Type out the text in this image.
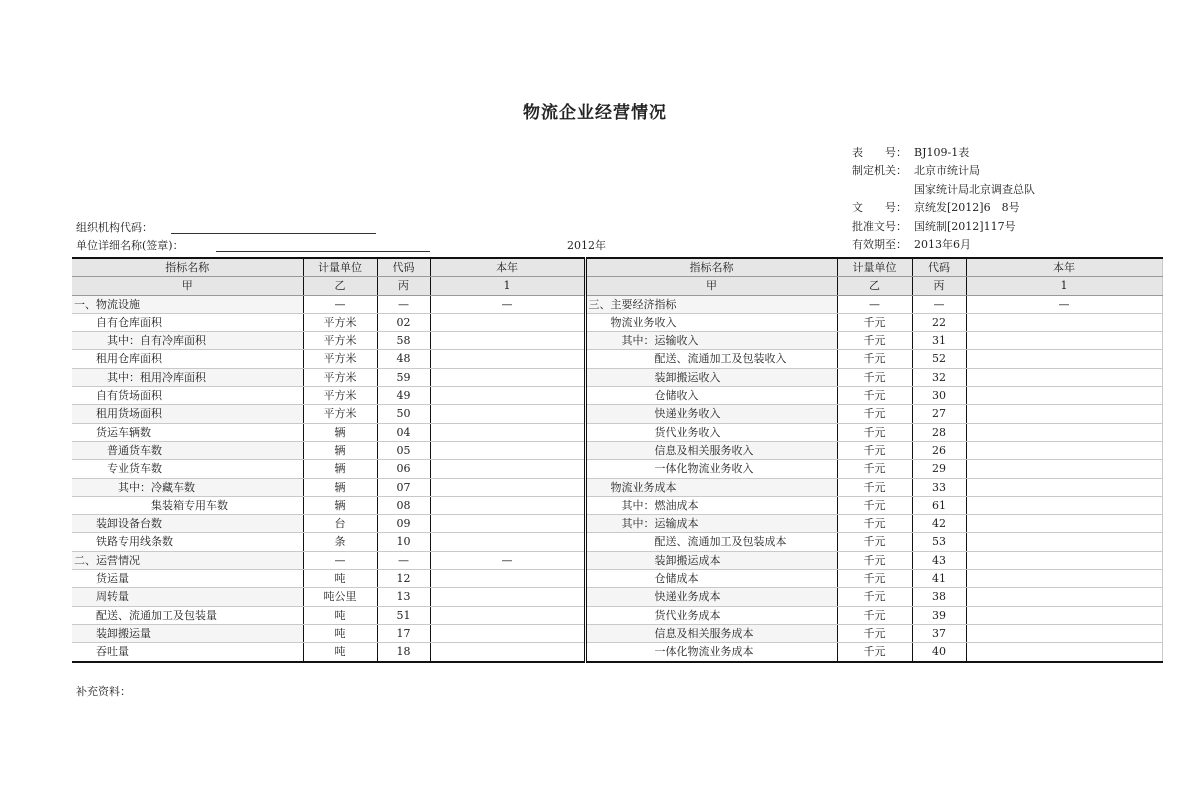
物流企业经营情况
表　　号： BJ109-1表
制定机关： 北京市统计局
国家统计局北京调查总队
文　　号： 京统发[2012]6　8号
批准文号： 国统制[2012]117号
有效期至： 2013年6月
组织机构代码：
单位详细名称(签章)：	2012年
指标名称	计量单位	代码	本年	指标名称	计量单位	代码	本年
甲	乙	丙	1	甲	乙	丙	1
一、物流设施	—	—	—	三、主要经济指标	—	—	—
　　自有仓库面积	平方米	02		　　物流业务收入	千元	22	
　　　其中：自有冷库面积	平方米	58		　　　其中：运输收入	千元	31	
　　租用仓库面积	平方米	48		　　　　　　配送、流通加工及包装收入	千元	52	
　　　其中：租用冷库面积	平方米	59		　　　　　　装卸搬运收入	千元	32	
　　自有货场面积	平方米	49		　　　　　　仓储收入	千元	30	
　　租用货场面积	平方米	50		　　　　　　快递业务收入	千元	27	
　　货运车辆数	辆	04		　　　　　　货代业务收入	千元	28	
　　　普通货车数	辆	05		　　　　　　信息及相关服务收入	千元	26	
　　　专业货车数	辆	06		　　　　　　一体化物流业务收入	千元	29	
　　　　其中：冷藏车数	辆	07		　　物流业务成本	千元	33	
　　　　　　　集装箱专用车数	辆	08		　　　其中：燃油成本	千元	61	
　　装卸设备台数	台	09		　　　其中：运输成本	千元	42	
　　铁路专用线条数	条	10		　　　　　　配送、流通加工及包装成本	千元	53	
二、运营情况	—	—	—	　　　　　　装卸搬运成本	千元	43	
　　货运量	吨	12		　　　　　　仓储成本	千元	41	
　　周转量	吨公里	13		　　　　　　快递业务成本	千元	38	
　　配送、流通加工及包装量	吨	51		　　　　　　货代业务成本	千元	39	
　　装卸搬运量	吨	17		　　　　　　信息及相关服务成本	千元	37	
　　吞吐量	吨	18		　　　　　　一体化物流业务成本	千元	40	
补充资料：
